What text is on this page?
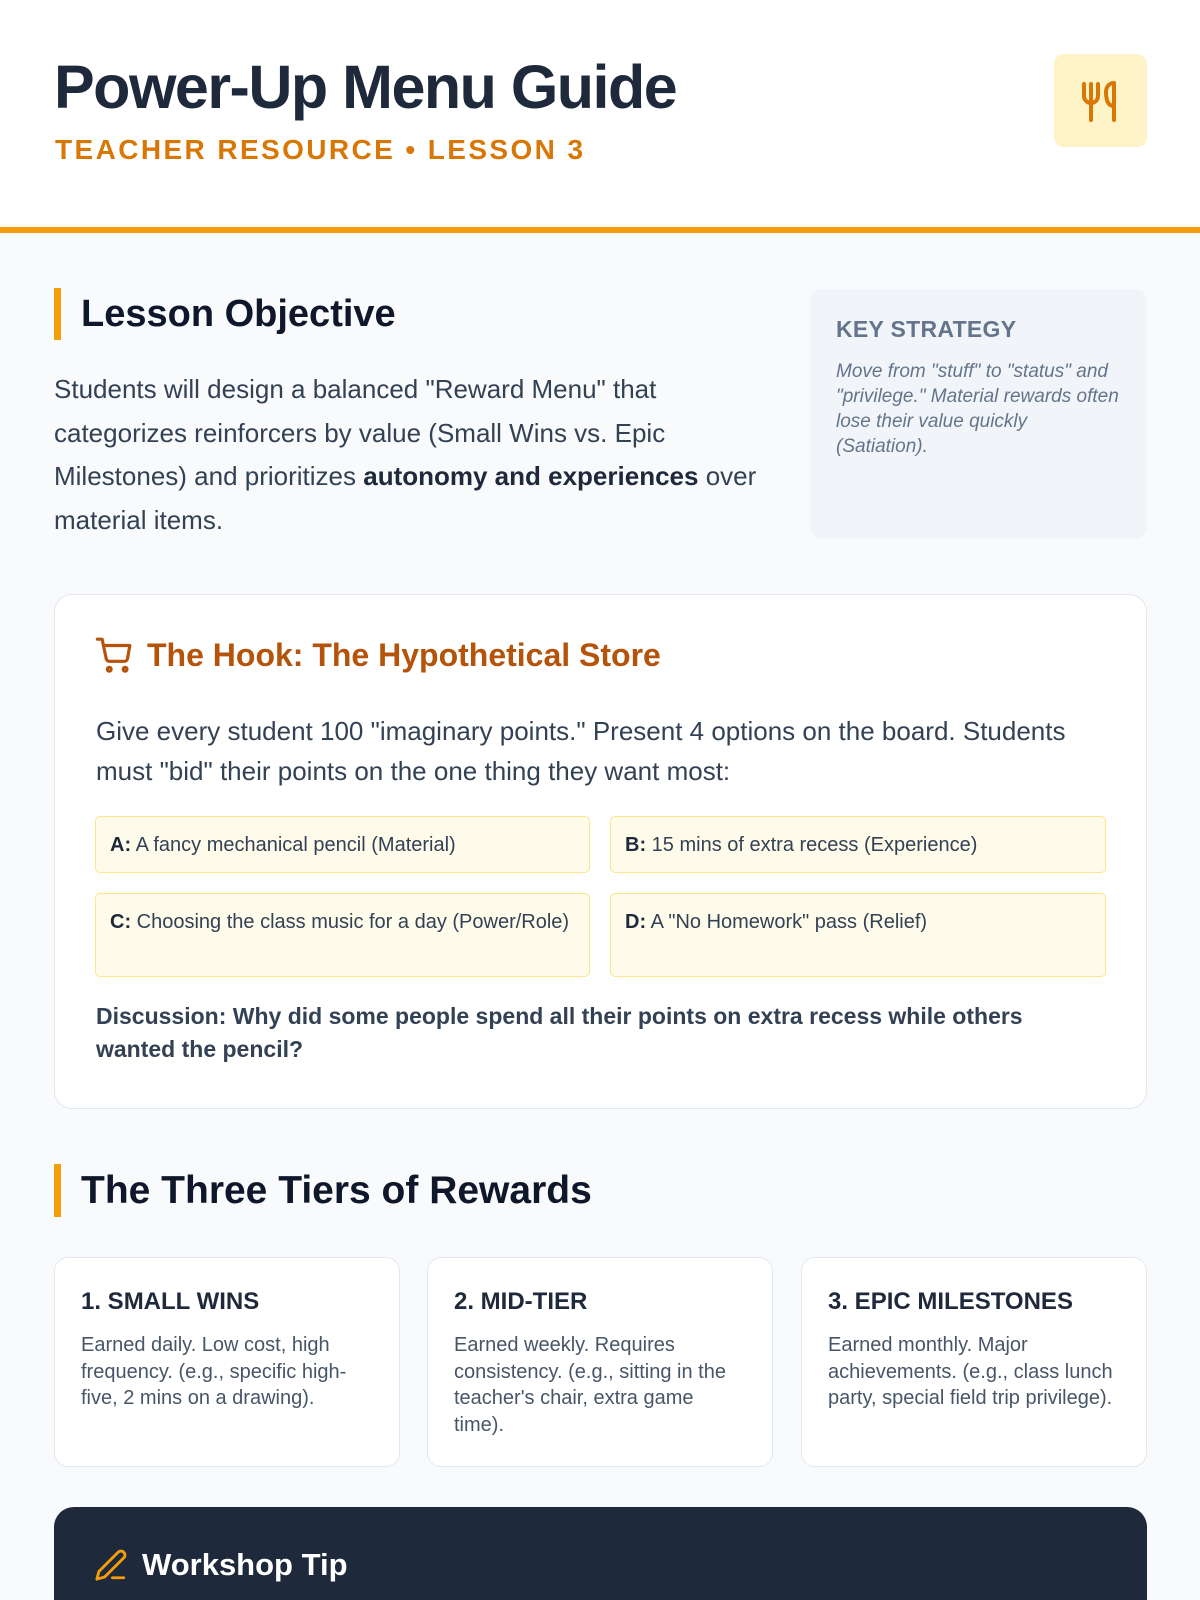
Power-Up Menu Guide
TEACHER RESOURCE • LESSON 3
Lesson Objective

Students will design a balanced "Reward Menu" that categorizes reinforcers by value (Small Wins vs. Epic Milestones) and prioritizes autonomy and experiences over material items.

KEY STRATEGY
Move from "stuff" to "status" and "privilege." Material rewards often lose their value quickly (Satiation).
The Hook: The Hypothetical Store

Give every student 100 "imaginary points." Present 4 options on the board. Students must "bid" their points on the one thing they want most:

A: A fancy mechanical pencil (Material)	B: 15 mins of extra recess (Experience)
C: Choosing the class music for a day (Power/Role)	D: A "No Homework" pass (Relief)

Discussion: Why did some people spend all their points on extra recess while others wanted the pencil?

The Three Tiers of Rewards
1. SMALL WINS
Earned daily. Low cost, high frequency. (e.g., specific high-five, 2 mins on a drawing).
2. MID-TIER
Earned weekly. Requires consistency. (e.g., sitting in the teacher's chair, extra game time).
3. EPIC MILESTONES
Earned monthly. Major achievements. (e.g., class lunch party, special field trip privilege).
Workshop Tip
